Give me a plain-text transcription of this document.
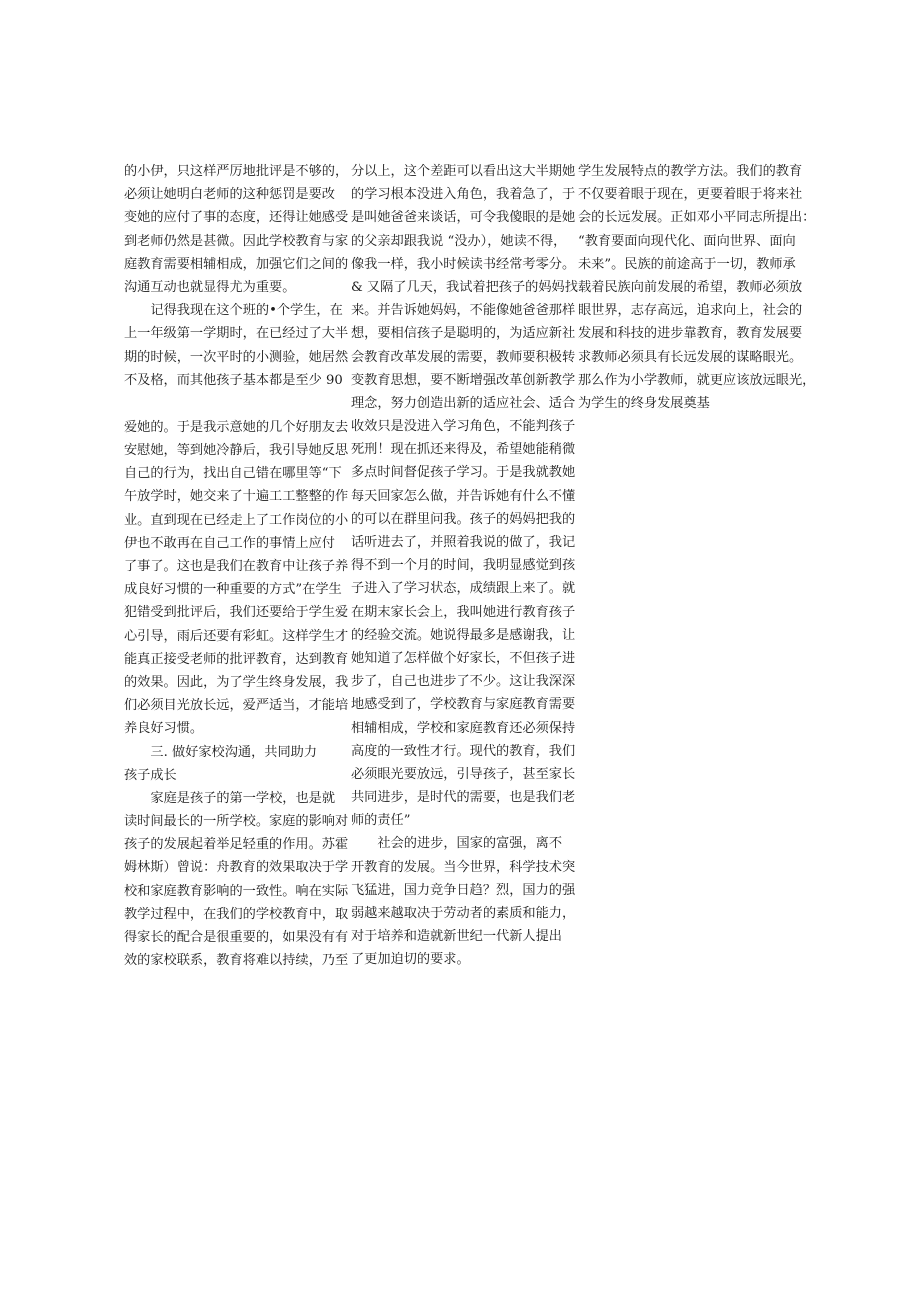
的小伊，只这样严厉地批评是不够的，
必须让她明白老师的这种惩罚是要改
变她的应付了事的态度，还得让她感受
到老师仍然是甚微。因此学校教育与家
庭教育需要相辅相成，加强它们之间的
沟通互动也就显得尤为重要。
记得我现在这个班的•个学生，在
上一年级第一学期时，在已经过了大半
期的时候，一次平时的小测验，她居然
不及格，而其他孩子基本都是至少 90
爱她的。于是我示意她的几个好朋友去
安慰她，等到她冷静后，我引导她反思
自己的行为，找出自己错在哪里等“下
午放学时，她交来了十遍工工整整的作
业。直到现在已经走上了工作岗位的小
伊也不敢再在自己工作的事情上应付
了事了。这也是我们在教育中让孩子养
成良好习惯的一种重要的方式”在学生
犯错受到批评后，我们还要给于学生爱
心引导，雨后还要有彩虹。这样学生才
能真正接受老师的批评教育，达到教育
的效果。因此，为了学生终身发展，我
们必须目光放长远，爱严适当，才能培
养良好习惯。
三. 做好家校沟通，共同助力
孩子成长
家庭是孩子的第一学校，也是就
读时间最长的一所学校。家庭的影响对
孩子的发展起着举足轻重的作用。苏霍
姆林斯）曾说：舟教育的效果取决于学
校和家庭教育影响的一致性。响在实际
教学过程中，在我们的学校教育中，取
得家长的配合是很重要的，如果没有有
效的家校联系，教育将难以持续，乃至
分以上，这个差距可以看出这大半期她
的学习根本没进入角色，我着急了，于
是叫她爸爸来谈话，可令我傻眼的是她
的父亲却跟我说 “没办），她读不得，
像我一样，我小时候读书经常考零分。
& 又隔了几天，我试着把孩子的妈妈找
来。并告诉她妈妈，不能像她爸爸那样
想，要相信孩子是聪明的，为适应新社
会教育改革发展的需要，教师要积极转
变教育思想，要不断增强改革创新教学
理念，努力创造出新的适应社会、适合
收效只是没进入学习角色，不能判孩子
死刑！现在抓还来得及，希望她能稍微
多点时间督促孩子学习。于是我就教她
每天回家怎么做，并告诉她有什么不懂
的可以在群里问我。孩子的妈妈把我的
话听进去了，并照着我说的做了，我记
得不到一个月的时间，我明显感觉到孩
子进入了学习状态，成绩跟上来了。就
在期末家长会上，我叫她进行教育孩子
的经验交流。她说得最多是感谢我，让
她知道了怎样做个好家长，不但孩子进
步了，自己也进步了不少。这让我深深
地感受到了，学校教育与家庭教育需要
相辅相成，学校和家庭教育还必须保持
高度的一致性才行。现代的教育，我们
必须眼光要放远，引导孩子，甚至家长
共同进步，是时代的需要，也是我们老
师的责任”
社会的进步，国家的富强，离不
开教育的发展。当今世界，科学技术突
飞猛进，国力竞争日趋？烈，国力的强
弱越来越取决于劳动者的素质和能力，
对于培养和造就新世纪一代新人提出
了更加迫切的要求。
学生发展特点的教学方法。我们的教育
不仅要着眼于现在，更要着眼于将来社
会的长远发展。正如邓小平同志所提出：
“教育要面向现代化、面向世界、面向
未来”。民族的前途高于一切，教师承
载着民族向前发展的希望，教师必须放
眼世界，志存高远，追求向上，社会的
发展和科技的进步靠教育，教育发展要
求教师必须具有长远发展的谋略眼光。
那么作为小学教师，就更应该放远眼光，
为学生的终身发展奠基
